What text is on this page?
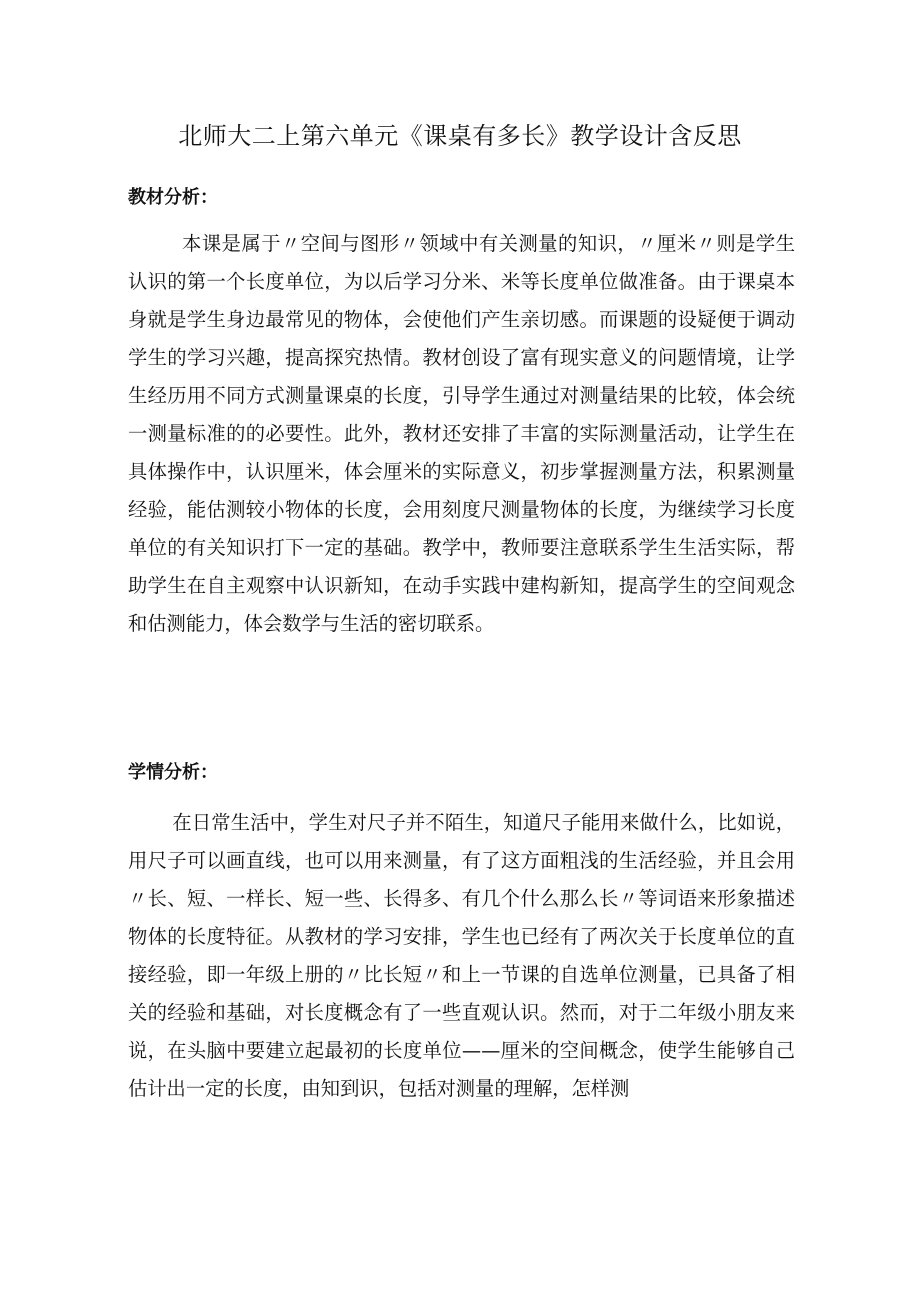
北师大二上第六单元《课桌有多长》教学设计含反思
教材分析：

本课是属于〃空间与图形〃领域中有关测量的知识，〃厘米〃则是学生认识的第一个长度单位，为以后学习分米、米等长度单位做准备。由于课桌本身就是学生身边最常见的物体，会使他们产生亲切感。而课题的设疑便于调动学生的学习兴趣，提高探究热情。教材创设了富有现实意义的问题情境，让学生经历用不同方式测量课桌的长度，引导学生通过对测量结果的比较，体会统一测量标准的的必要性。此外，教材还安排了丰富的实际测量活动，让学生在具体操作中，认识厘米，体会厘米的实际意义，初步掌握测量方法，积累测量经验，能估测较小物体的长度，会用刻度尺测量物体的长度，为继续学习长度单位的有关知识打下一定的基础。教学中，教师要注意联系学生生活实际，帮助学生在自主观察中认识新知，在动手实践中建构新知，提高学生的空间观念和估测能力，体会数学与生活的密切联系。

学情分析：

在日常生活中，学生对尺子并不陌生，知道尺子能用来做什么，比如说，用尺子可以画直线，也可以用来测量，有了这方面粗浅的生活经验，并且会用〃长、短、一样长、短一些、长得多、有几个什么那么长〃等词语来形象描述物体的长度特征。从教材的学习安排，学生也已经有了两次关于长度单位的直接经验，即一年级上册的〃比长短〃和上一节课的自选单位测量，已具备了相关的经验和基础，对长度概念有了一些直观认识。然而，对于二年级小朋友来说，在头脑中要建立起最初的长度单位——厘米的空间概念，使学生能够自己估计出一定的长度，由知到识，包括对测量的理解，怎样测
